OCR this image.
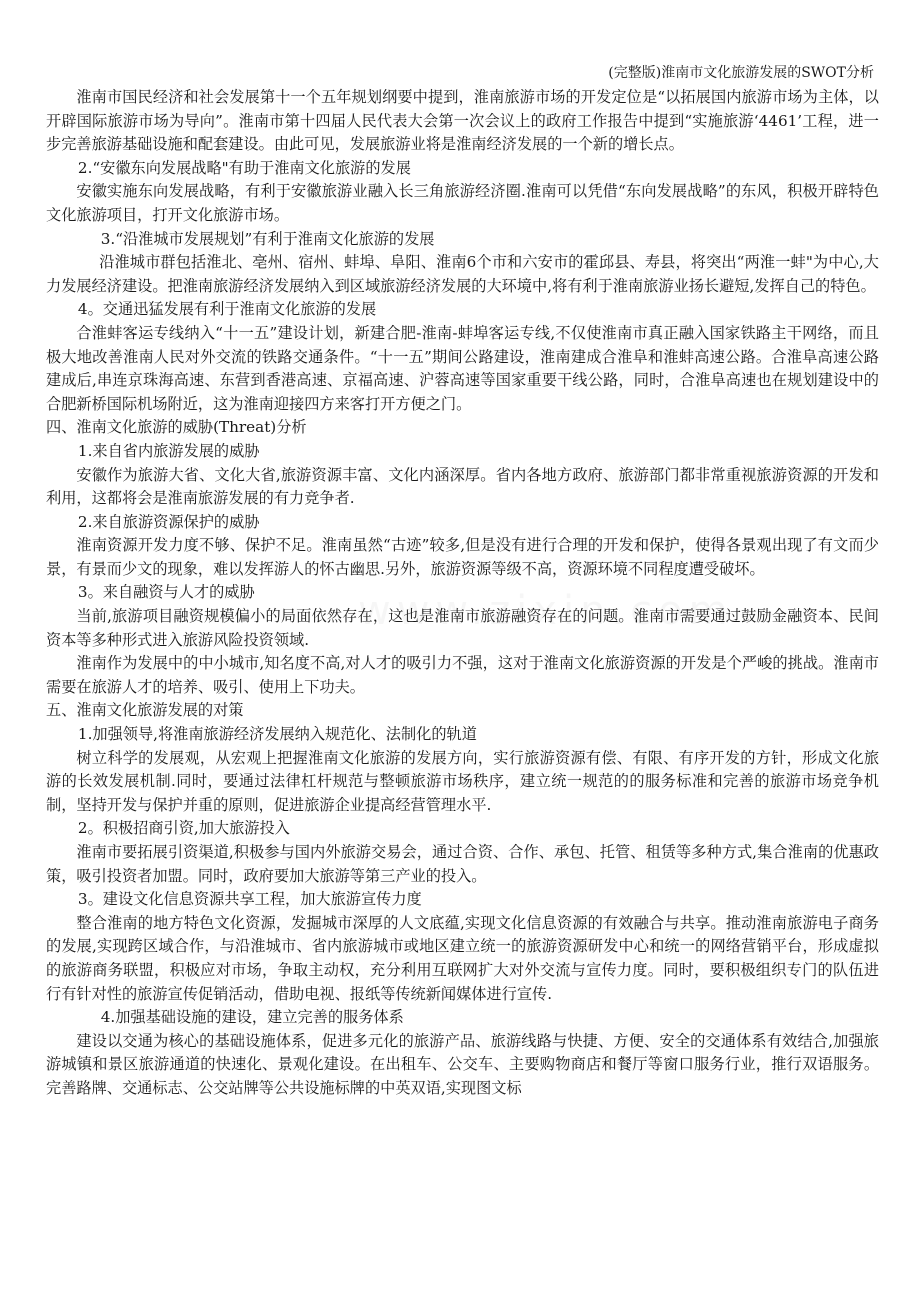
(完整版)淮南市文化旅游发展的SWOT分析

淮南市国民经济和社会发展第十一个五年规划纲要中提到，淮南旅游市场的开发定位是“以拓展国内旅游市场为主体，以开辟国际旅游市场为导向”。淮南市第十四届人民代表大会第一次会议上的政府工作报告中提到“实施旅游‘4461’工程，进一步完善旅游基础设施和配套建设。由此可见，发展旅游业将是淮南经济发展的一个新的增长点。

2.“安徽东向发展战略"有助于淮南文化旅游的发展

安徽实施东向发展战略，有利于安徽旅游业融入长三角旅游经济圈.淮南可以凭借“东向发展战略”的东风，积极开辟特色文化旅游项目，打开文化旅游市场。

3.“沿淮城市发展规划”有利于淮南文化旅游的发展

沿淮城市群包括淮北、亳州、宿州、蚌埠、阜阳、淮南6个市和六安市的霍邱县、寿县，将突出“两淮一蚌"为中心,大力发展经济建设。把淮南旅游经济发展纳入到区域旅游经济发展的大环境中,将有利于淮南旅游业扬长避短,发挥自己的特色。

4。交通迅猛发展有利于淮南文化旅游的发展

合淮蚌客运专线纳入“十一五”建设计划，新建合肥-淮南-蚌埠客运专线,不仅使淮南市真正融入国家铁路主干网络，而且极大地改善淮南人民对外交流的铁路交通条件。“十一五”期间公路建设，淮南建成合淮阜和淮蚌高速公路。合淮阜高速公路建成后,串连京珠海高速、东营到香港高速、京福高速、沪蓉高速等国家重要干线公路，同时，合淮阜高速也在规划建设中的合肥新桥国际机场附近，这为淮南迎接四方来客打开方便之门。

四、淮南文化旅游的威胁(Threat)分析

1.来自省内旅游发展的威胁

安徽作为旅游大省、文化大省,旅游资源丰富、文化内涵深厚。省内各地方政府、旅游部门都非常重视旅游资源的开发和利用，这都将会是淮南旅游发展的有力竞争者.

2.来自旅游资源保护的威胁

淮南资源开发力度不够、保护不足。淮南虽然“古迹”较多,但是没有进行合理的开发和保护，使得各景观出现了有文而少景，有景而少文的现象，难以发挥游人的怀古幽思.另外，旅游资源等级不高，资源环境不同程度遭受破坏。

3。来自融资与人才的威胁

当前,旅游项目融资规模偏小的局面依然存在，这也是淮南市旅游融资存在的问题。淮南市需要通过鼓励金融资本、民间资本等多种形式进入旅游风险投资领域.

淮南作为发展中的中小城市,知名度不高,对人才的吸引力不强，这对于淮南文化旅游资源的开发是个严峻的挑战。淮南市需要在旅游人才的培养、吸引、使用上下功夫。

五、淮南文化旅游发展的对策

1.加强领导,将淮南旅游经济发展纳入规范化、法制化的轨道

树立科学的发展观，从宏观上把握淮南文化旅游的发展方向，实行旅游资源有偿、有限、有序开发的方针，形成文化旅游的长效发展机制.同时，要通过法律杠杆规范与整顿旅游市场秩序，建立统一规范的的服务标准和完善的旅游市场竞争机制，坚持开发与保护并重的原则，促进旅游企业提高经营管理水平.

2。积极招商引资,加大旅游投入

淮南市要拓展引资渠道,积极参与国内外旅游交易会，通过合资、合作、承包、托管、租赁等多种方式,集合淮南的优惠政策，吸引投资者加盟。同时，政府要加大旅游等第三产业的投入。

3。建设文化信息资源共享工程，加大旅游宣传力度

整合淮南的地方特色文化资源，发掘城市深厚的人文底蕴,实现文化信息资源的有效融合与共享。推动淮南旅游电子商务的发展,实现跨区域合作，与沿淮城市、省内旅游城市或地区建立统一的旅游资源研发中心和统一的网络营销平台，形成虚拟的旅游商务联盟，积极应对市场，争取主动权，充分利用互联网扩大对外交流与宣传力度。同时，要积极组织专门的队伍进行有针对性的旅游宣传促销活动，借助电视、报纸等传统新闻媒体进行宣传.

4.加强基础设施的建设，建立完善的服务体系

建设以交通为核心的基础设施体系，促进多元化的旅游产品、旅游线路与快捷、方便、安全的交通体系有效结合,加强旅游城镇和景区旅游通道的快速化、景观化建设。在出租车、公交车、主要购物商店和餐厅等窗口服务行业，推行双语服务。完善路牌、交通标志、公交站牌等公共设施标牌的中英双语,实现图文标
